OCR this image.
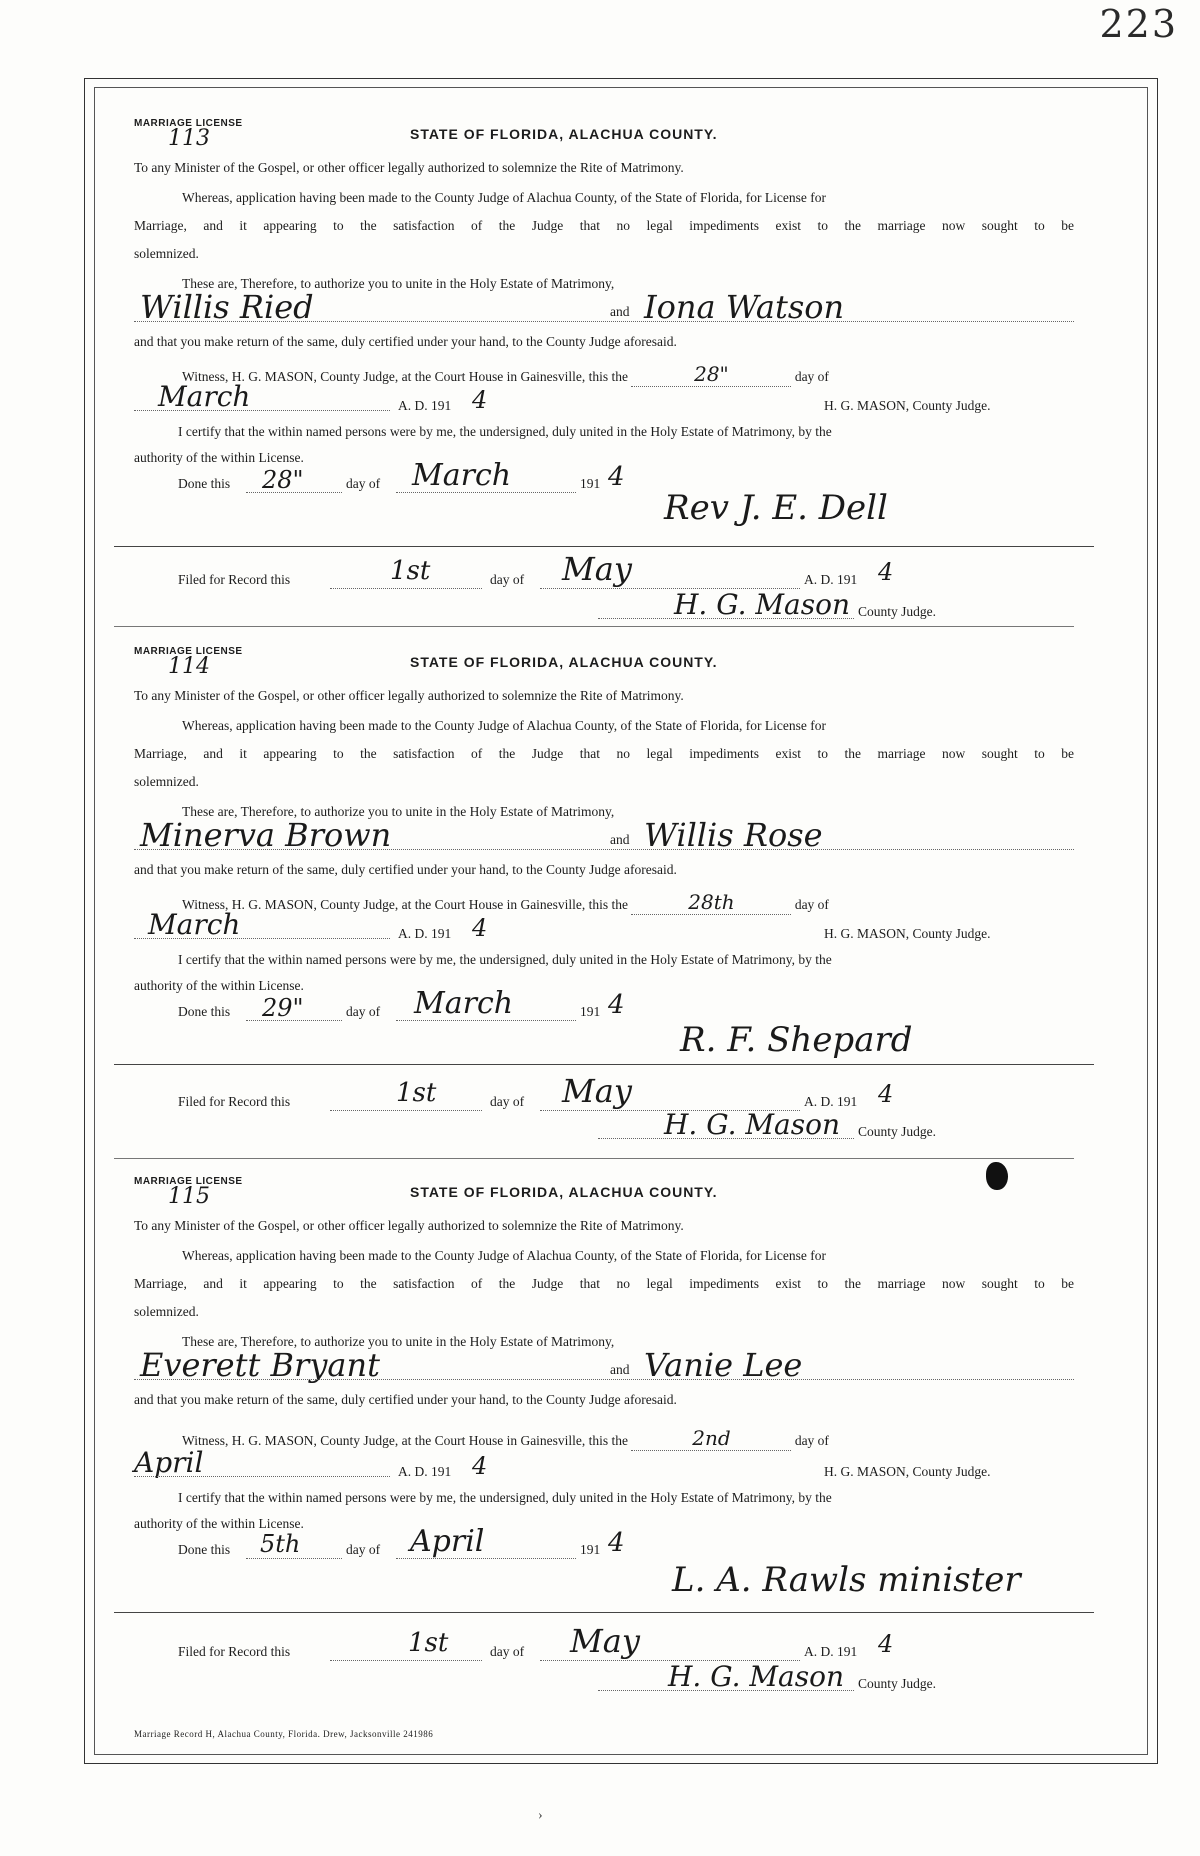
223
MARRIAGE LICENSE
113	STATE OF FLORIDA, ALACHUA COUNTY.
To any Minister of the Gospel, or other officer legally authorized to solemnize the Rite of Matrimony.
Whereas, application having been made to the County Judge of Alachua County, of the State of Florida, for License for
Marriage, and it appearing to the satisfaction of the Judge that no legal impediments exist to the marriage now sought to be
solemnized.
These are, Therefore, to authorize you to unite in the Holy Estate of Matrimony,
Willis Ried	and Iona Watson
and that you make return of the same, duly certified under your hand, to the County Judge aforesaid.
Witness, H. G. MASON, County Judge, at the Court House in Gainesville, this the	28"	day of
March	A. D. 191 4	H. G. MASON, County Judge.
I certify that the within named persons were by me, the undersigned, duly united in the Holy Estate of Matrimony, by the
authority of the within License.
Done this 28"	day of March	191 4
Rev J. E. Dell
Filed for Record this	1st	day of May	A. D. 191 4
H. G. Mason County Judge.
MARRIAGE LICENSE
114	STATE OF FLORIDA, ALACHUA COUNTY.
To any Minister of the Gospel, or other officer legally authorized to solemnize the Rite of Matrimony.
Whereas, application having been made to the County Judge of Alachua County, of the State of Florida, for License for
Marriage, and it appearing to the satisfaction of the Judge that no legal impediments exist to the marriage now sought to be
solemnized.
These are, Therefore, to authorize you to unite in the Holy Estate of Matrimony,
Minerva Brown	and Willis Rose
and that you make return of the same, duly certified under your hand, to the County Judge aforesaid.
Witness, H. G. MASON, County Judge, at the Court House in Gainesville, this the	28th	day of
March	A. D. 191 4	H. G. MASON, County Judge.
I certify that the within named persons were by me, the undersigned, duly united in the Holy Estate of Matrimony, by the
authority of the within License.
Done this 29"	day of March	191 4
R. F. Shepard
Filed for Record this	1st	day of May	A. D. 191 4
H. G. Mason County Judge.
MARRIAGE LICENSE
115	STATE OF FLORIDA, ALACHUA COUNTY.
To any Minister of the Gospel, or other officer legally authorized to solemnize the Rite of Matrimony.
Whereas, application having been made to the County Judge of Alachua County, of the State of Florida, for License for
Marriage, and it appearing to the satisfaction of the Judge that no legal impediments exist to the marriage now sought to be
solemnized.
These are, Therefore, to authorize you to unite in the Holy Estate of Matrimony,
Everett Bryant	and Vanie Lee
and that you make return of the same, duly certified under your hand, to the County Judge aforesaid.
Witness, H. G. MASON, County Judge, at the Court House in Gainesville, this the	2nd	day of
April	A. D. 191 4	H. G. MASON, County Judge.
I certify that the within named persons were by me, the undersigned, duly united in the Holy Estate of Matrimony, by the
authority of the within License.
Done this 5th	day of April	191 4
L. A. Rawls minister
Filed for Record this	1st	day of May	A. D. 191 4
H. G. Mason County Judge.
Marriage Record H, Alachua County, Florida. Drew, Jacksonville 241986
›
